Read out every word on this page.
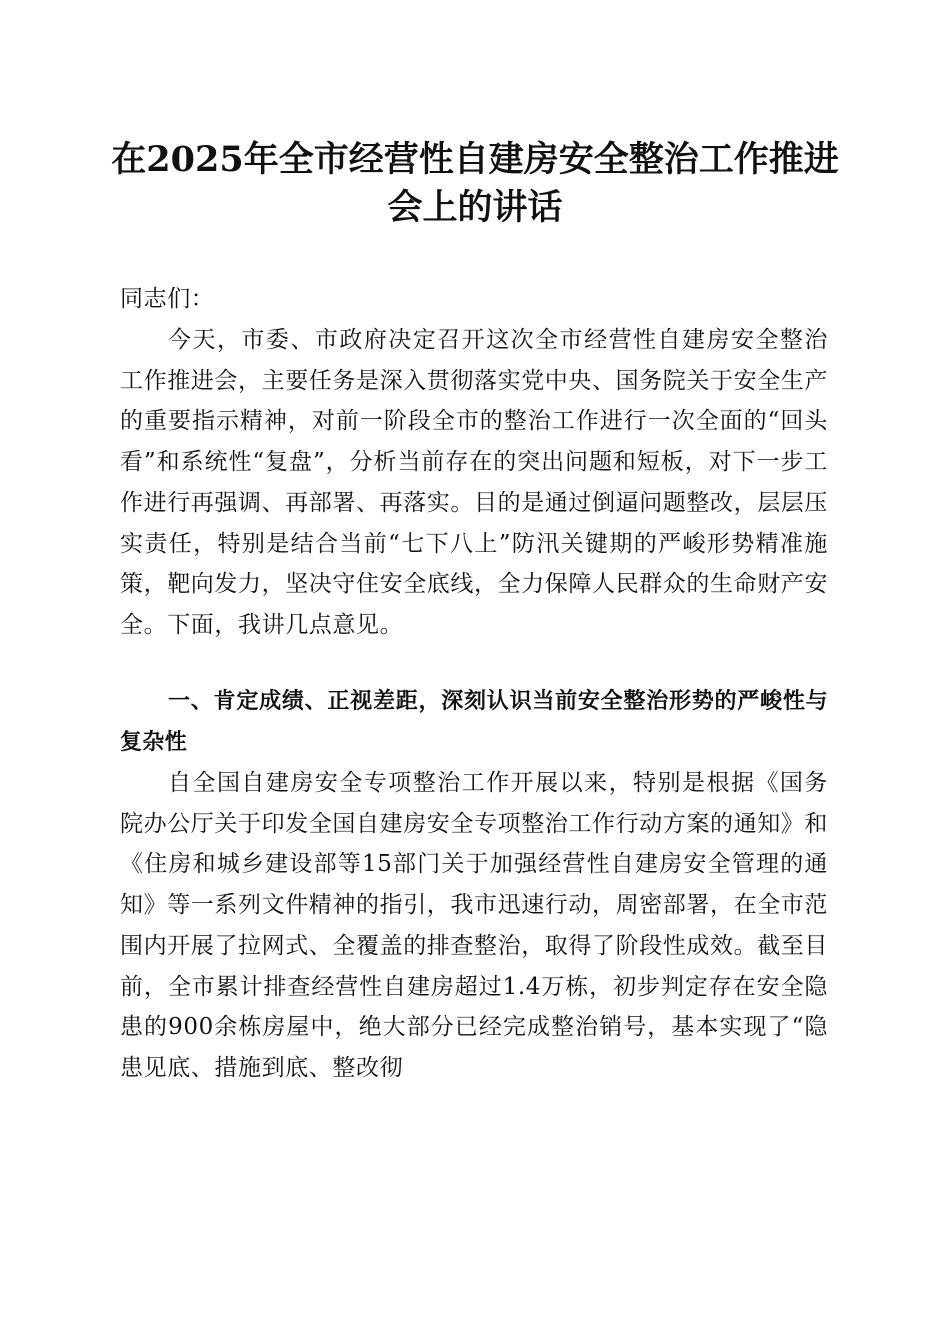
在2025年全市经营性自建房安全整治工作推进会上的讲话

同志们：

今天，市委、市政府决定召开这次全市经营性自建房安全整治工作推进会，主要任务是深入贯彻落实党中央、国务院关于安全生产的重要指示精神，对前一阶段全市的整治工作进行一次全面的“回头看”和系统性“复盘”，分析当前存在的突出问题和短板，对下一步工作进行再强调、再部署、再落实。目的是通过倒逼问题整改，层层压实责任，特别是结合当前“七下八上”防汛关键期的严峻形势精准施策，靶向发力，坚决守住安全底线，全力保障人民群众的生命财产安全。下面，我讲几点意见。

一、肯定成绩、正视差距，深刻认识当前安全整治形势的严峻性与复杂性

自全国自建房安全专项整治工作开展以来，特别是根据《国务院办公厅关于印发全国自建房安全专项整治工作行动方案的通知》和《住房和城乡建设部等15部门关于加强经营性自建房安全管理的通知》等一系列文件精神的指引，我市迅速行动，周密部署，在全市范围内开展了拉网式、全覆盖的排查整治，取得了阶段性成效。截至目前，全市累计排查经营性自建房超过1.4万栋，初步判定存在安全隐患的900余栋房屋中，绝大部分已经完成整治销号，基本实现了“隐患见底、措施到底、整改彻
